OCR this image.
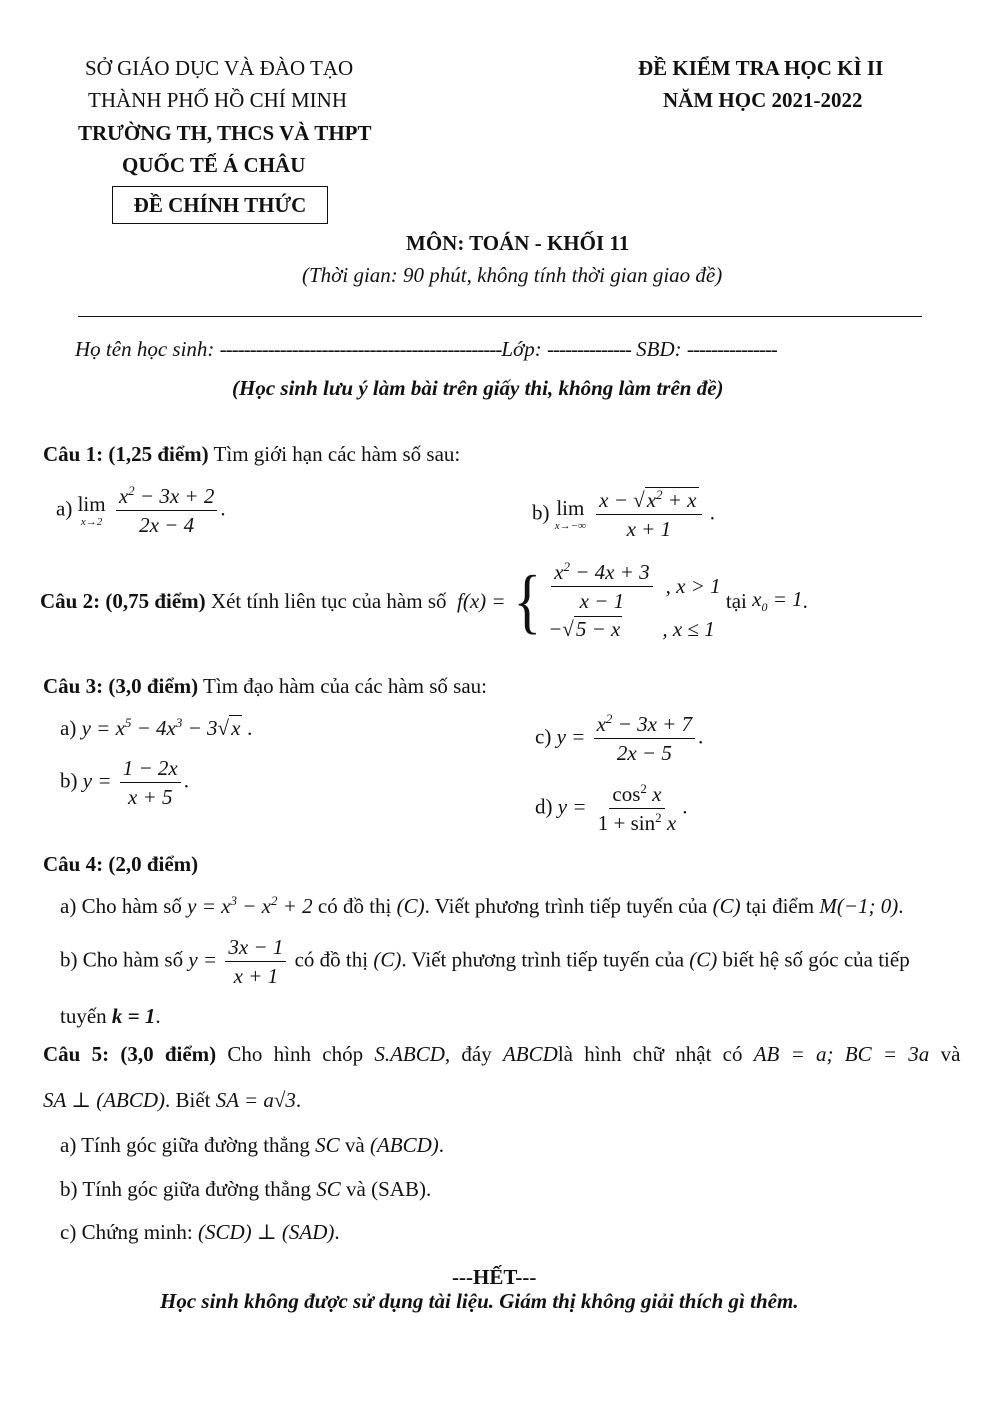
SỞ GIÁO DỤC VÀ ĐÀO TẠO
THÀNH PHỐ HỒ CHÍ MINH
TRƯỜNG TH, THCS VÀ THPT
QUỐC TẾ Á CHÂU
ĐỀ CHÍNH THỨC
ĐỀ KIỂM TRA HỌC KÌ II
NĂM HỌC 2021-2022
MÔN: TOÁN - KHỐI 11
(Thời gian: 90 phút, không tính thời gian giao đề)
Họ tên học sinh: -----------------------------------------------Lớp: -------------- SBD: ---------------
(Học sinh lưu ý làm bài trên giấy thi, không làm trên đề)
Câu 1: (1,25 điểm) Tìm giới hạn các hàm số sau:
a) lim
x→2
$\frac{x^2 - 3x + 2}{2x - 4}$ .	b) lim
x→−∞
$\frac{x - √x^2 + x}{x + 1}$ .
Câu 2: (0,75 điểm)
Xét tính liên tục của hàm số
f(x) = { $\frac{x^2 - 4x + 3}{x - 1}$ , x > 1
−√5 − x , x ≤ 1

tại
$x_0 = 1$ .
Câu 3: (3,0 điểm) Tìm đạo hàm của các hàm số sau:
a) $y = x^5 - 4x^3 - 3√x$ .
b) $y = \frac{1 - 2x}{x + 5}$ .
c) $y = \frac{x^2 - 3x + 7}{2x - 5}$ .
d) $y = \frac{\cos^2 x}{1 + \sin^2 x}$ .
Câu 4: (2,0 điểm)
a) Cho hàm số $y = x^3 - x^2 + 2$ có đồ thị (C). Viết phương trình tiếp tuyến của (C) tại điểm M(−1; 0).
b) Cho hàm số $y = \frac{3x - 1}{x + 1}$ có đồ thị (C). Viết phương trình tiếp tuyến của (C) biết hệ số góc của tiếp
tuyến k = 1.
Câu 5: (3,0 điểm) Cho hình chóp S.ABCD, đáy ABCDlà hình chữ nhật có AB = a; BC = 3a và
SA ⊥ (ABCD). Biết SA = a√3.
a) Tính góc giữa đường thẳng SC và (ABCD).
b) Tính góc giữa đường thẳng SC và (SAB).
c) Chứng minh: (SCD) ⊥ (SAD).
---HẾT---
Học sinh không được sử dụng tài liệu. Giám thị không giải thích gì thêm.
